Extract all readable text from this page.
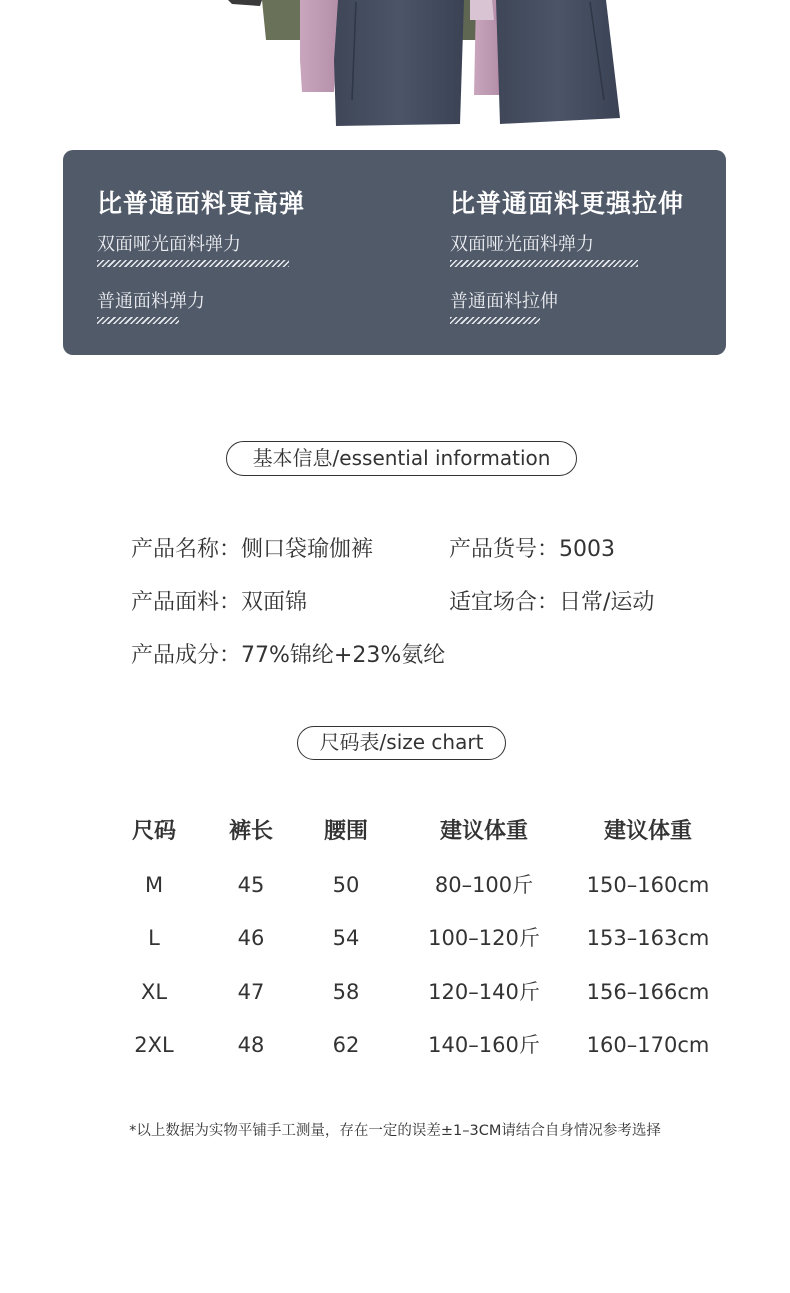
比普通面料更高弹
双面哑光面料弹力
普通面料弹力
比普通面料更强拉伸
双面哑光面料弹力
普通面料拉伸
基本信息/essential information
产品名称：侧口袋瑜伽裤	产品货号：5003
产品面料：双面锦	适宜场合：日常/运动
产品成分：77%锦纶+23%氨纶
尺码表/size chart
尺码	裤长	腰围	建议体重	建议体重
M	45	50	80–100斤	150–160cm
L	46	54	100–120斤	153–163cm
XL	47	58	120–140斤	156–166cm
2XL	48	62	140–160斤	160–170cm
*以上数据为实物平铺手工测量，存在一定的误差±1–3CM请结合自身情况参考选择
